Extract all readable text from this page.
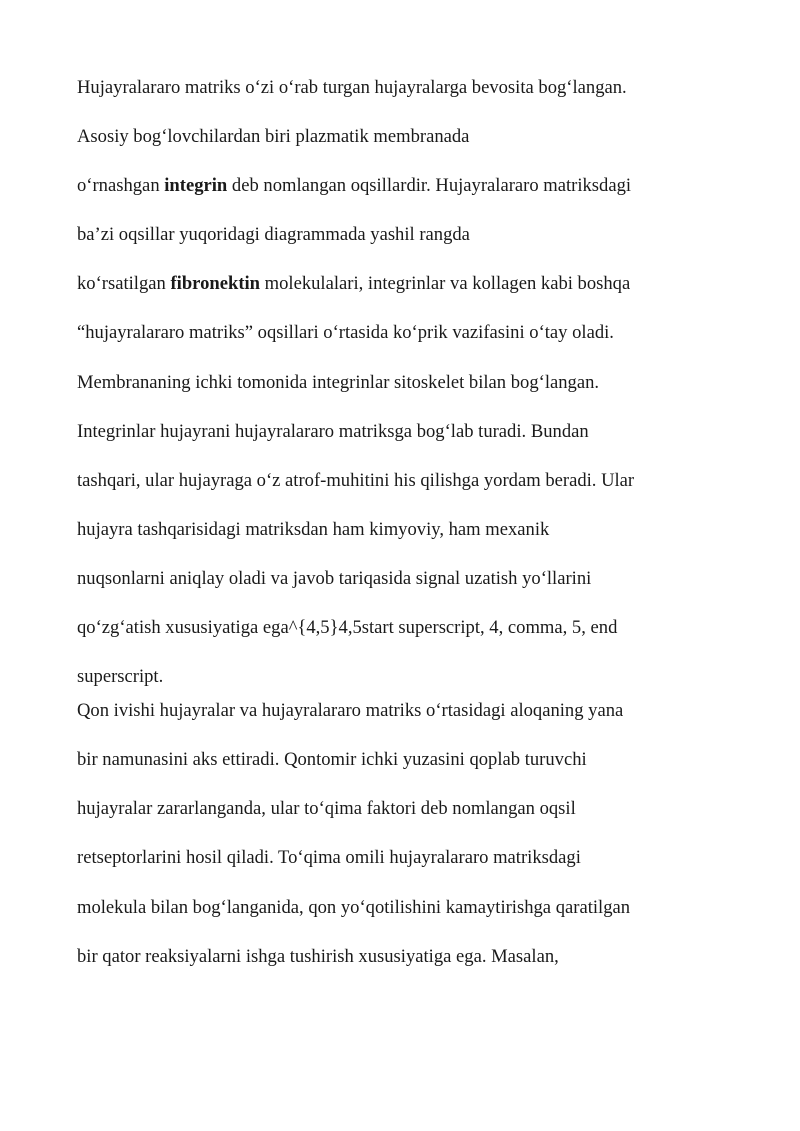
Hujayralararo matriks o‘zi o‘rab turgan hujayralarga bevosita bog‘langan.
Asosiy bog‘lovchilardan biri plazmatik membranada
o‘rnashgan integrin deb nomlangan oqsillardir. Hujayralararo matriksdagi
ba’zi oqsillar yuqoridagi diagrammada yashil rangda
ko‘rsatilgan fibronektin molekulalari, integrinlar va kollagen kabi boshqa
“hujayralararo matriks” oqsillari o‘rtasida ko‘prik vazifasini o‘tay oladi.
Membrananing ichki tomonida integrinlar sitoskelet bilan bog‘langan.
Integrinlar hujayrani hujayralararo matriksga bog‘lab turadi. Bundan
tashqari, ular hujayraga o‘z atrof-muhitini his qilishga yordam beradi. Ular
hujayra tashqarisidagi matriksdan ham kimyoviy, ham mexanik
nuqsonlarni aniqlay oladi va javob tariqasida signal uzatish yo‘llarini
qo‘zg‘atish xususiyatiga ega^{4,5}4,5start superscript, 4, comma, 5, end
superscript.
Qon ivishi hujayralar va hujayralararo matriks o‘rtasidagi aloqaning yana
bir namunasini aks ettiradi. Qontomir ichki yuzasini qoplab turuvchi
hujayralar zararlanganda, ular to‘qima faktori deb nomlangan oqsil
retseptorlarini hosil qiladi. To‘qima omili hujayralararo matriksdagi
molekula bilan bog‘langanida, qon yo‘qotilishini kamaytirishga qaratilgan
bir qator reaksiyalarni ishga tushirish xususiyatiga ega. Masalan,
